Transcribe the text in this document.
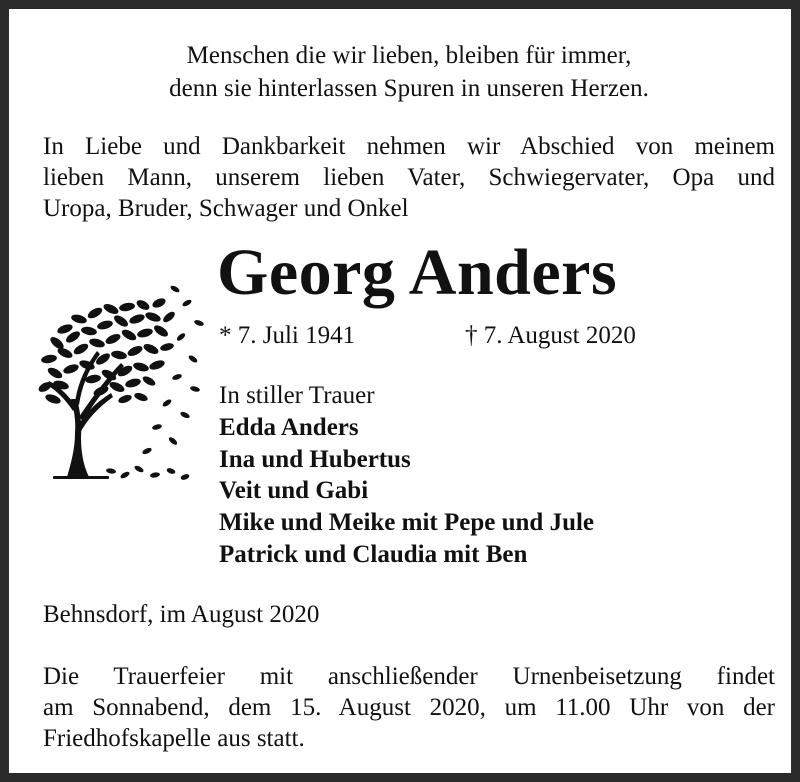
Menschen die wir lieben, bleiben für immer,
denn sie hinterlassen Spuren in unseren Herzen.
In Liebe und Dankbarkeit nehmen wir Abschied von meinem
lieben Mann, unserem lieben Vater, Schwiegervater, Opa und
Uropa, Bruder, Schwager und Onkel
Georg Anders
* 7. Juli 1941	† 7. August 2020
In stiller Trauer
Edda Anders
Ina und Hubertus
Veit und Gabi
Mike und Meike mit Pepe und Jule
Patrick und Claudia mit Ben
Behnsdorf, im August 2020
Die Trauerfeier mit anschließender Urnenbeisetzung findet
am Sonnabend, dem 15. August 2020, um 11.00 Uhr von der
Friedhofskapelle aus statt.
